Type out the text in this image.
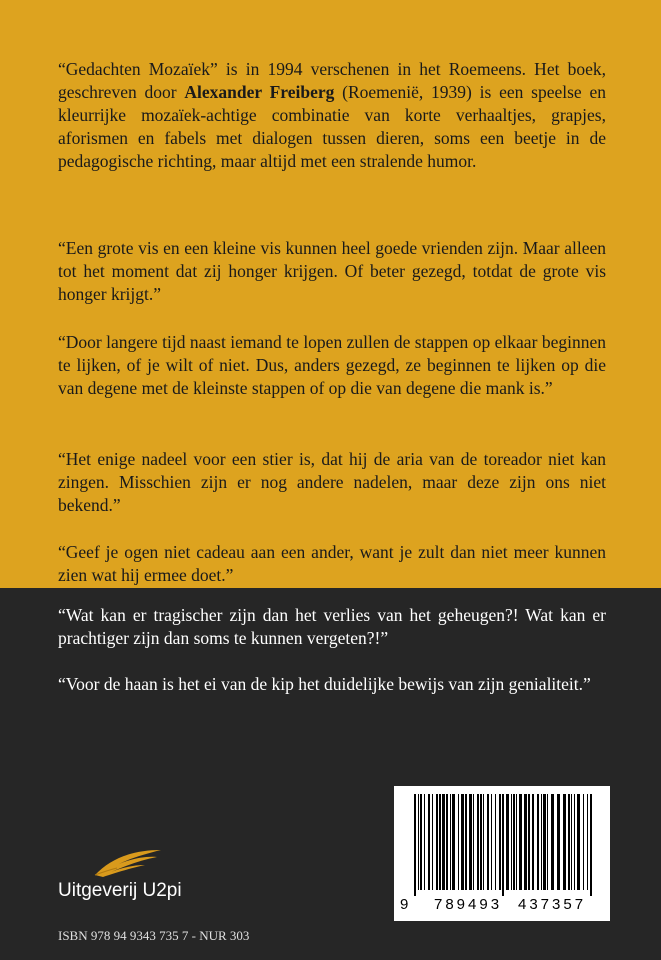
“Gedachten Mozaïek” is in 1994 verschenen in het Roemeens. Het boek, geschreven door Alexander Freiberg (Roemenië, 1939) is een speelse en kleurrijke mozaïek-achtige combinatie van korte verhaaltjes, grapjes, aforismen en fabels met dialogen tussen dieren, soms een beetje in de pedagogische richting, maar altijd met een stralende humor.

“Een grote vis en een kleine vis kunnen heel goede vrienden zijn. Maar alleen tot het moment dat zij honger krijgen. Of beter gezegd, totdat de grote vis honger krijgt.”

“Door langere tijd naast iemand te lopen zullen de stappen op elkaar beginnen te lijken, of je wilt of niet. Dus, anders gezegd, ze beginnen te lijken op die van degene met de kleinste stappen of op die van degene die mank is.”

“Het enige nadeel voor een stier is, dat hij de aria van de toreador niet kan zingen. Misschien zijn er nog andere nadelen, maar deze zijn ons niet bekend.”

“Geef je ogen niet cadeau aan een ander, want je zult dan niet meer kunnen zien wat hij ermee doet.”

“Wat kan er tragischer zijn dan het verlies van het geheugen?! Wat kan er prachtiger zijn dan soms te kunnen vergeten?!”

“Voor de haan is het ei van de kip het duidelijke bewijs van zijn genialiteit.”

9 789493 437357
Uitgeverij U2pi
ISBN 978 94 9343 735 7 - NUR 303
